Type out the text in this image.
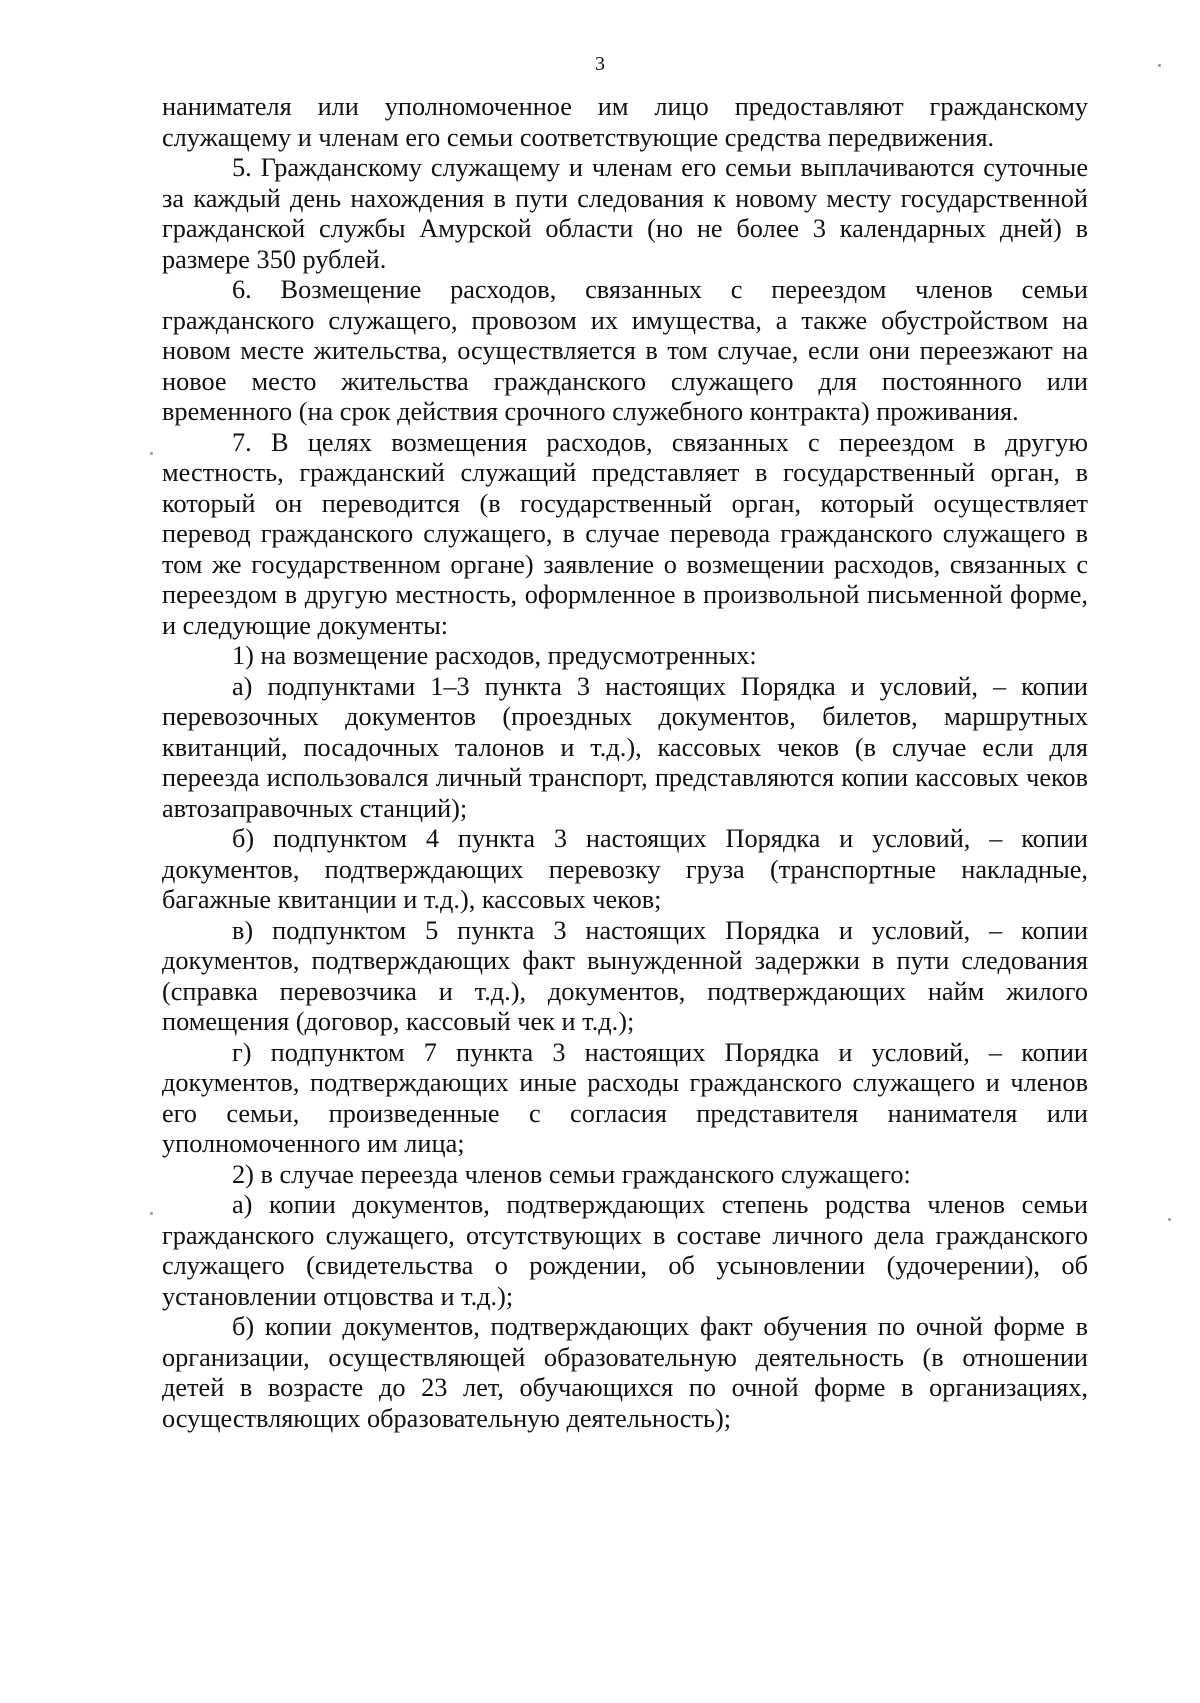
3

нанимателя или уполномоченное им лицо предоставляют гражданскому служащему и членам его семьи соответствующие средства передвижения.

5. Гражданскому служащему и членам его семьи выплачиваются суточные за каждый день нахождения в пути следования к новому месту государственной гражданской службы Амурской области (но не более 3 календарных дней) в размере 350 рублей.

6. Возмещение расходов, связанных с переездом членов семьи гражданского служащего, провозом их имущества, а также обустройством на новом месте жительства, осуществляется в том случае, если они переезжают на новое место жительства гражданского служащего для постоянного или временного (на срок действия срочного служебного контракта) проживания.

7. В целях возмещения расходов, связанных с переездом в другую местность, гражданский служащий представляет в государственный орган, в который он переводится (в государственный орган, который осуществляет перевод гражданского служащего, в случае перевода гражданского служащего в том же государственном органе) заявление о возмещении расходов, связанных с переездом в другую местность, оформленное в произвольной письменной форме, и следующие документы:

1) на возмещение расходов, предусмотренных:

а) подпунктами 1–3 пункта 3 настоящих Порядка и условий, – копии перевозочных документов (проездных документов, билетов, маршрутных квитанций, посадочных талонов и т.д.), кассовых чеков (в случае если для переезда использовался личный транспорт, представляются копии кассовых чеков автозаправочных станций);

б) подпунктом 4 пункта 3 настоящих Порядка и условий, – копии документов, подтверждающих перевозку груза (транспортные накладные, багажные квитанции и т.д.), кассовых чеков;

в) подпунктом 5 пункта 3 настоящих Порядка и условий, – копии документов, подтверждающих факт вынужденной задержки в пути следования (справка перевозчика и т.д.), документов, подтверждающих найм жилого помещения (договор, кассовый чек и т.д.);

г) подпунктом 7 пункта 3 настоящих Порядка и условий, – копии документов, подтверждающих иные расходы гражданского служащего и членов его семьи, произведенные с согласия представителя нанимателя или уполномоченного им лица;

2) в случае переезда членов семьи гражданского служащего:

а) копии документов, подтверждающих степень родства членов семьи гражданского служащего, отсутствующих в составе личного дела гражданского служащего (свидетельства о рождении, об усыновлении (удочерении), об установлении отцовства и т.д.);

б) копии документов, подтверждающих факт обучения по очной форме в организации, осуществляющей образовательную деятельность (в отношении детей в возрасте до 23 лет, обучающихся по очной форме в организациях, осуществляющих образовательную деятельность);
